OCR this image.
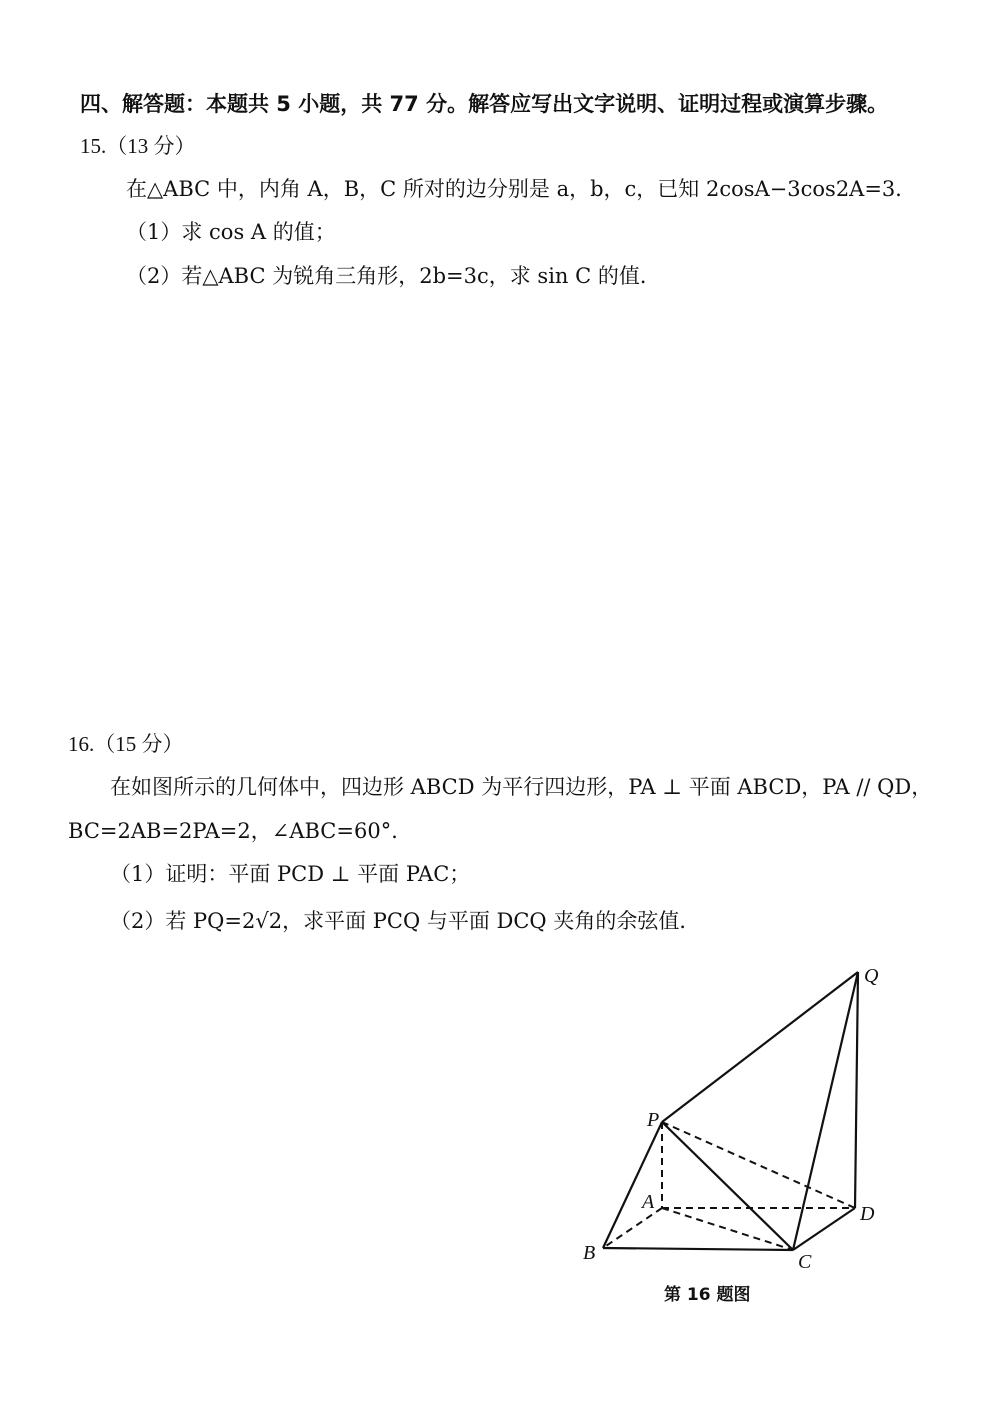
四、解答题：本题共 5 小题，共 77 分。解答应写出文字说明、证明过程或演算步骤。
15.（13 分）
在△ABC 中，内角 A，B，C 所对的边分别是 a，b，c，已知 2cosA−3cos2A=3．
（1）求 cos A 的值；
（2）若△ABC 为锐角三角形，2b=3c，求 sin C 的值．
16.（15 分）
在如图所示的几何体中，四边形 ABCD 为平行四边形，PA ⊥ 平面 ABCD，PA // QD，
BC=2AB=2PA=2，∠ABC=60°．
（1）证明：平面 PCD ⊥ 平面 PAC；
（2）若 PQ=2√2，求平面 PCQ 与平面 DCQ 夹角的余弦值．
P
Q
A
B	C
D
第 16 题图
